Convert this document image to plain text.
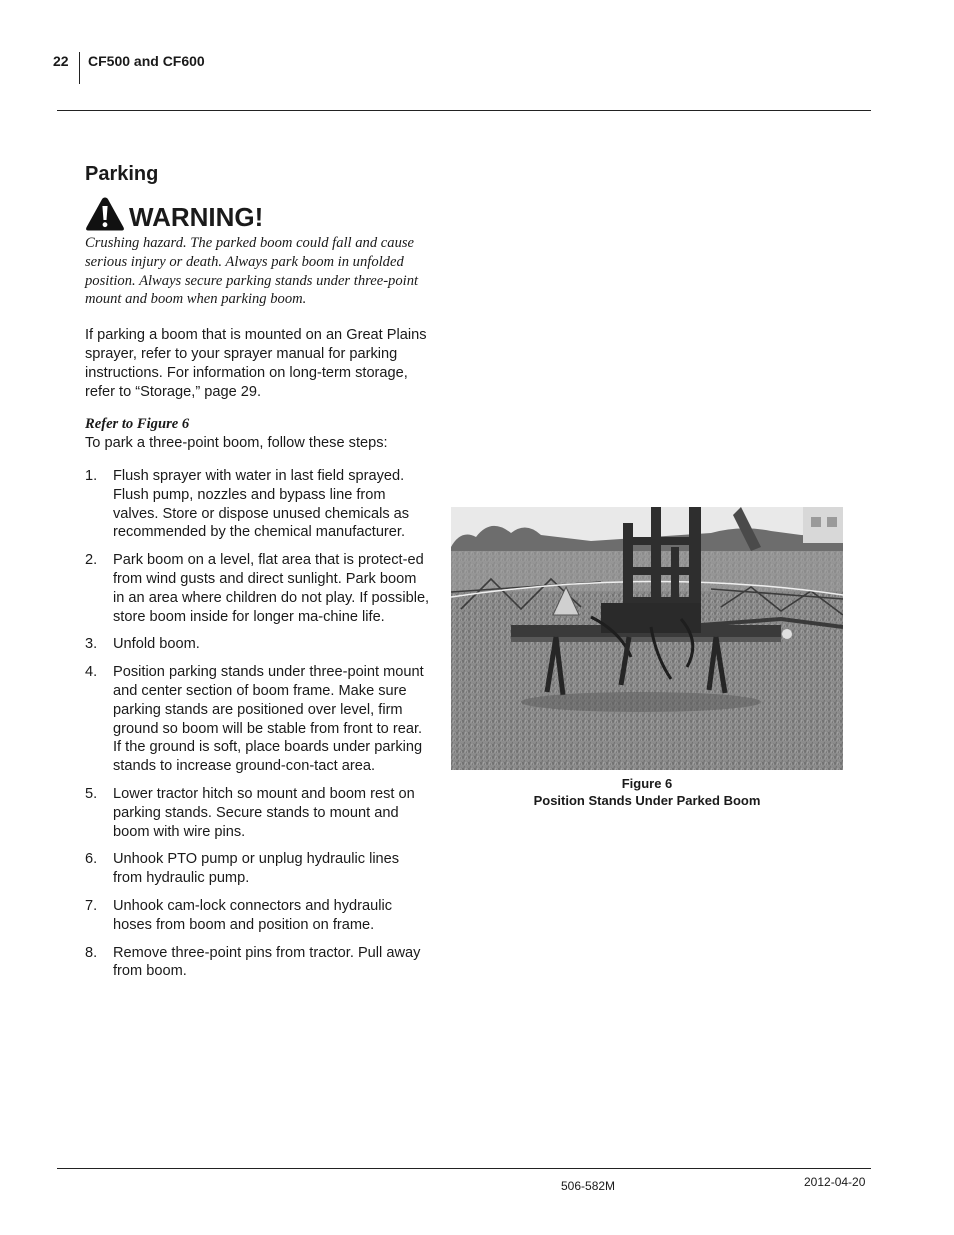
22 CF500 and CF600
Parking
WARNING!

Crushing hazard. The parked boom could fall and cause serious injury or death. Always park boom in unfolded position. Always secure parking stands under three-point mount and boom when parking boom.

If parking a boom that is mounted on an Great Plains sprayer, refer to your sprayer manual for parking instructions. For information on long-term storage, refer to “Storage,” page 29.

Refer to Figure 6

To park a three-point boom, follow these steps:

1.	Flush sprayer with water in last field sprayed. Flush pump, nozzles and bypass line from valves. Store or dispose unused chemicals as recommended by the chemical manufacturer.
2.	Park boom on a level, flat area that is protect-ed from wind gusts and direct sunlight. Park boom in an area where children do not play. If possible, store boom inside for longer ma-chine life.
3.	Unfold boom.
4.	Position parking stands under three-point mount and center section of boom frame. Make sure parking stands are positioned over level, firm ground so boom will be stable from front to rear. If the ground is soft, place boards under parking stands to increase ground-con-tact area.
5.	Lower tractor hitch so mount and boom rest on parking stands. Secure stands to mount and boom with wire pins.
6.	Unhook PTO pump or unplug hydraulic lines from hydraulic pump.
7.	Unhook cam-lock connectors and hydraulic hoses from boom and position on frame.
8.	Remove three-point pins from tractor. Pull away from boom.
Figure 6
Position Stands Under Parked Boom
506-582M	2012-04-20
